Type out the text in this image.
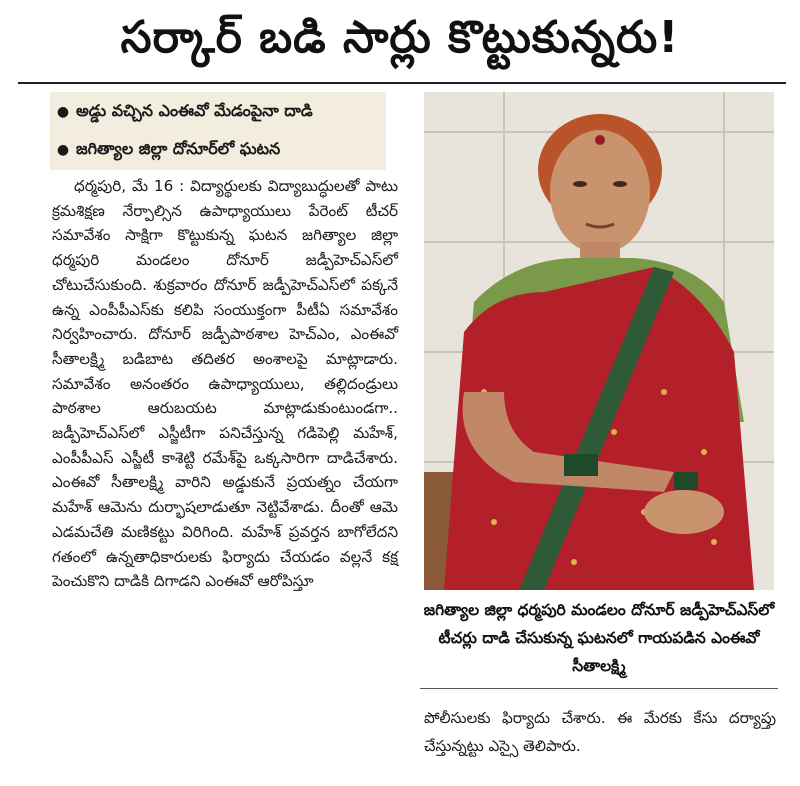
సర్కార్ బడి సార్లు కొట్టుకున్నరు!
● అడ్డు వచ్చిన ఎంఈవో మేడంపైనా దాడి
● జగిత్యాల జిల్లా దోనూర్‌లో ఘటన

ధర్మపురి, మే 16 : విద్యార్థులకు విద్యాబుద్ధులతో పాటు క్రమశిక్షణ నేర్పాల్సిన ఉపాధ్యాయులు పేరెంట్ టీచర్ సమావేశం సాక్షిగా కొట్టుకున్న ఘటన జగిత్యాల జిల్లా ధర్మపురి మండలం దోనూర్ జడ్పీహెచ్‌ఎస్‌లో చోటుచేసుకుంది. శుక్రవారం దోనూర్ జడ్పీహెచ్‌ఎస్‌లో పక్కనే ఉన్న ఎంపీపీఎస్‌కు కలిపి సంయుక్తంగా పీటీఏ సమావేశం నిర్వహించారు. దోనూర్ జడ్పీపాఠశాల హెచ్‌ఎం, ఎంఈవో సీతాలక్ష్మి బడిబాట తదితర అంశాలపై మాట్లాడారు. సమావేశం అనంతరం ఉపాధ్యాయులు, తల్లిదండ్రులు పాఠశాల ఆరుబయట మాట్లాడుకుంటుండగా.. జడ్పీహెచ్‌ఎస్‌లో ఎస్జీటీగా పనిచేస్తున్న గడిపెల్లి మహేశ్, ఎంపీపీఎస్ ఎస్జీటీ కాశెట్టి రమేశ్‌పై ఒక్కసారిగా దాడిచేశారు. ఎంఈవో సీతాలక్ష్మి వారిని అడ్డుకునే ప్రయత్నం చేయగా మహేశ్ ఆమెను దుర్భాషలాడుతూ నెట్టివేశాడు. దీంతో ఆమె ఎడమచేతి మణికట్టు విరిగింది. మహేశ్ ప్రవర్తన బాగోలేదని గతంలో ఉన్నతాధికారులకు ఫిర్యాదు చేయడం వల్లనే కక్ష పెంచుకొని దాడికి దిగాడని ఎంఈవో ఆరోపిస్తూ

జగిత్యాల జిల్లా ధర్మపురి మండలం దోనూర్ జడ్పీహెచ్‌ఎస్‌లో టీచర్లు దాడి చేసుకున్న ఘటనలో గాయపడిన ఎంఈవో సీతాలక్ష్మి
పోలీసులకు ఫిర్యాదు చేశారు. ఈ మేరకు కేసు దర్యాప్తు చేస్తున్నట్టు ఎస్సై తెలిపారు.
